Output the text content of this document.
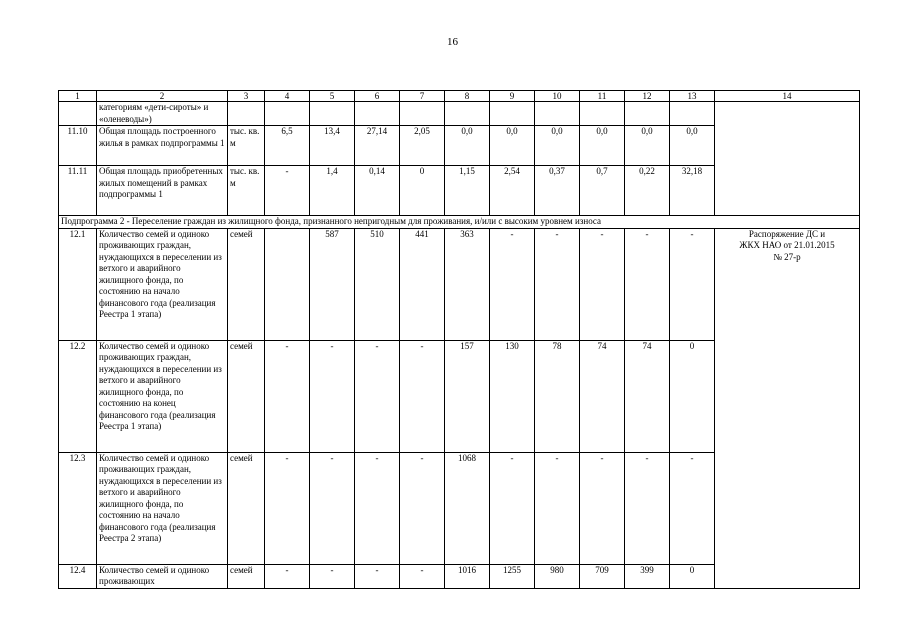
16
1	2	3	4	5	6	7	8	9	10	11	12	13	14
	категориям «дети-сироты» и «оленеводы»)												
11.10	Общая площадь построенного жилья в рамках подпрограммы 1	тыс. кв. м	6,5	13,4	27,14	2,05	0,0	0,0	0,0	0,0	0,0	0,0	
11.11	Общая площадь приобретенных жилых помещений в рамках подпрограммы 1	тыс. кв. м	-	1,4	0,14	0	1,15	2,54	0,37	0,7	0,22	32,18	
Подпрограмма 2 - Переселение граждан из жилищного фонда, признанного непригодным для проживания, и/или с высоким уровнем износа													
12.1	Количество семей и одиноко проживающих граждан, нуждающихся в переселении из ветхого и аварийного жилищного фонда, по состоянию на начало финансового года (реализация Реестра 1 этапа)	семей		587	510	441	363	-	-	-	-	-	Распоряжение ДС и ЖКХ НАО от 21.01.2015 № 27-р

12.2	Количество семей и одиноко проживающих граждан, нуждающихся в переселении из ветхого и аварийного жилищного фонда, по состоянию на конец финансового года (реализация Реестра 1 этапа)	семей	-	-	-	-	157	130	78	74	74	0	
12.3	Количество семей и одиноко проживающих граждан, нуждающихся в переселении из ветхого и аварийного жилищного фонда, по состоянию на начало финансового года (реализация Реестра 2 этапа)	семей	-	-	-	-	1068	-	-	-	-	-	
12.4	Количество семей и одиноко проживающих	семей	-	-	-	-	1016	1255	980	709	399	0	
